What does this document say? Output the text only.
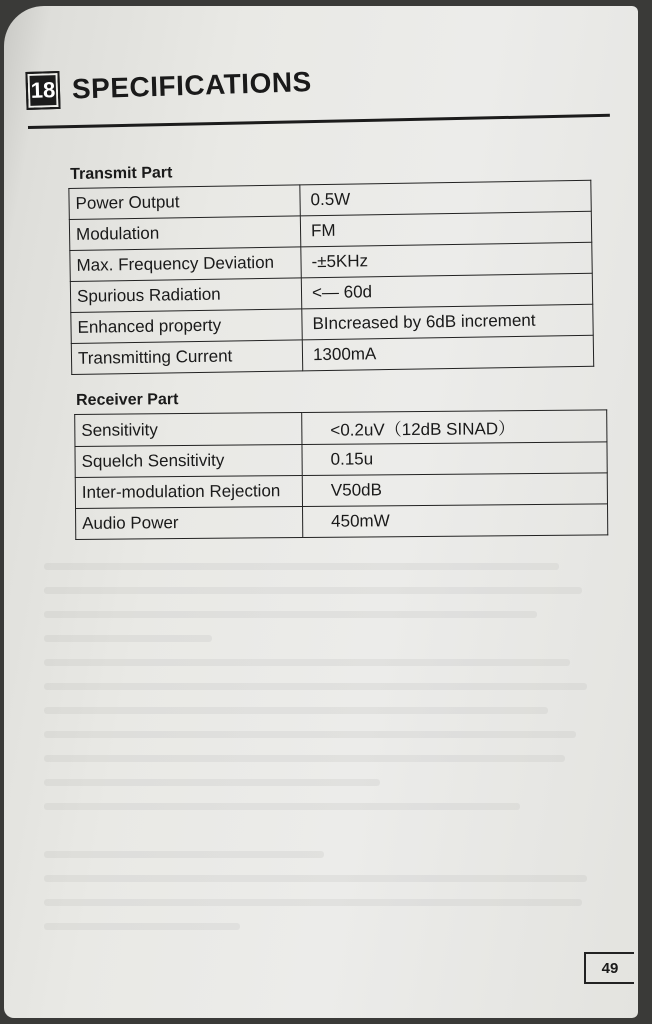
18 SPECIFICATIONS
Transmit Part
Power Output	0.5W
Modulation	FM
Max. Frequency Deviation	-±5KHz
Spurious Radiation	<— 60d
Enhanced property	BIncreased by 6dB increment
Transmitting Current	1300mA
Receiver Part
Sensitivity	<0.2uV（12dB SINAD）
Squelch Sensitivity	0.15u
Inter-modulation Rejection	V50dB
Audio Power	450mW
49
